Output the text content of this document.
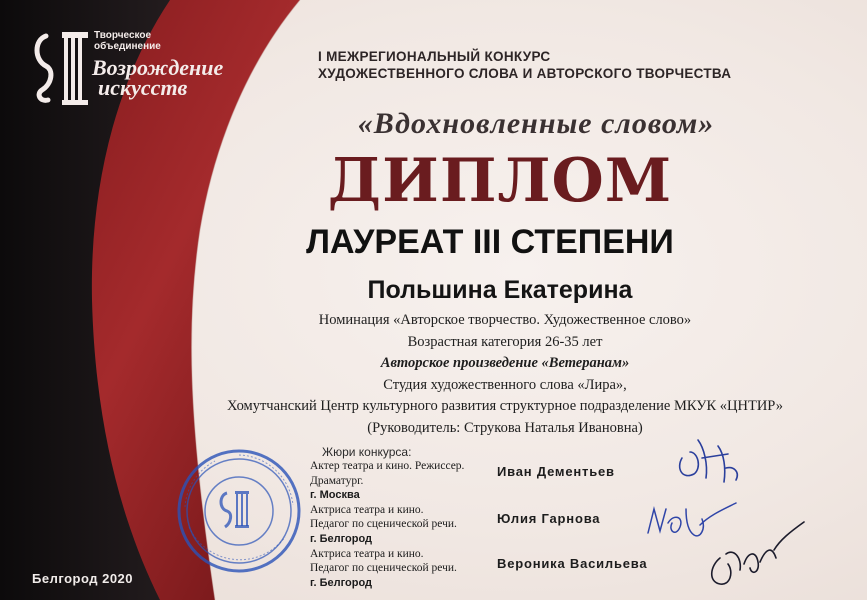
Творческое
объединение
Возрождение
искусств
Белгород 2020
I МЕЖРЕГИОНАЛЬНЫЙ КОНКУРС
ХУДОЖЕСТВЕННОГО СЛОВА И АВТОРСКОГО ТВОРЧЕСТВА
«Вдохновленные словом»
ДИПЛОМ
ЛАУРЕАТ III СТЕПЕНИ
Польшина Екатерина
Номинация «Авторское творчество. Художественное слово»
Возрастная категория 26-35 лет
Авторское произведение «Ветеранам»
Студия художественного слова «Лира»,
Хомутчанский Центр культурного развития структурное подразделение МКУК «ЦНТИР»
(Руководитель: Струкова Наталья Ивановна)
Жюри конкурса:
Актер театра и кино. Режиссер.
Драматург.
г. Москва
Актриса театра и кино.
Педагог по сценической речи.
г. Белгород
Актриса театра и кино.
Педагог по сценической речи.
г. Белгород
Иван Дементьев
Юлия Гарнова
Вероника Васильева
